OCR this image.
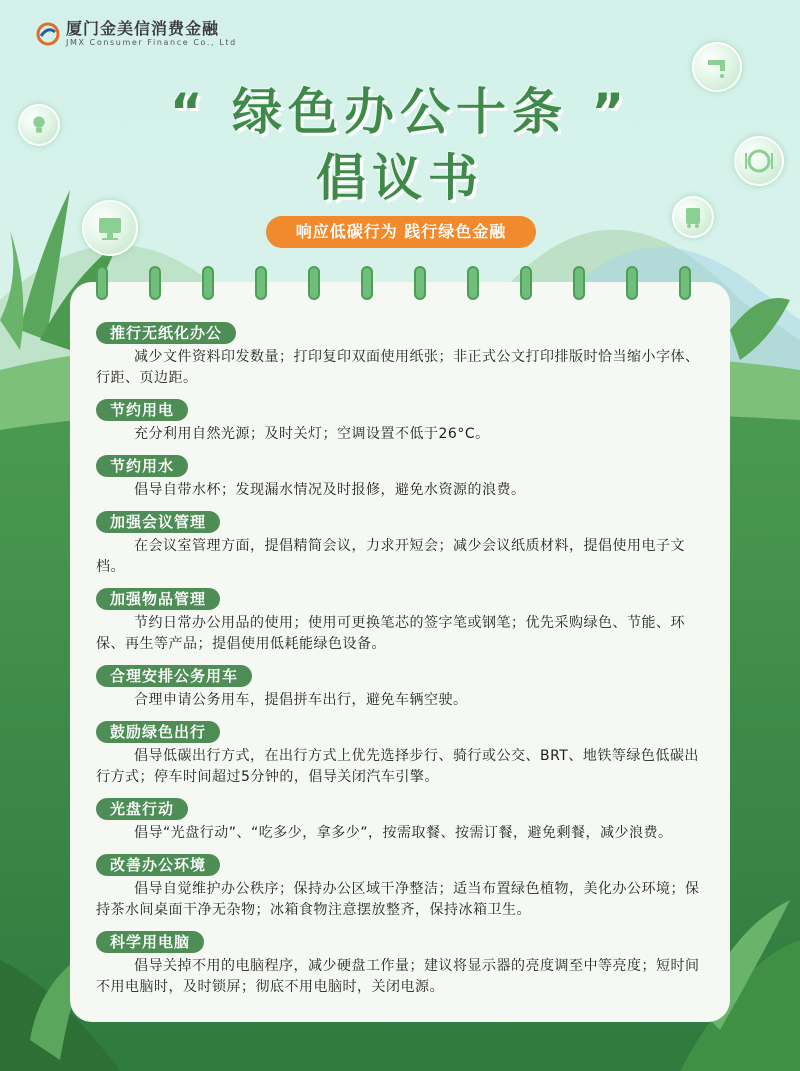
厦门金美信消费金融
JMX Consumer Finance Co., Ltd
“ 绿色办公十条 ”
倡议书
响应低碳行为 践行绿色金融
推行无纸化办公
减少文件资料印发数量；打印复印双面使用纸张；非正式公文打印排版时恰当缩小字体、行距、页边距。
节约用电
充分利用自然光源；及时关灯；空调设置不低于26°C。
节约用水
倡导自带水杯；发现漏水情况及时报修，避免水资源的浪费。
加强会议管理
在会议室管理方面，提倡精简会议，力求开短会；减少会议纸质材料，提倡使用电子文档。
加强物品管理
节约日常办公用品的使用；使用可更换笔芯的签字笔或钢笔；优先采购绿色、节能、环保、再生等产品；提倡使用低耗能绿色设备。
合理安排公务用车
合理申请公务用车，提倡拼车出行，避免车辆空驶。
鼓励绿色出行
倡导低碳出行方式，在出行方式上优先选择步行、骑行或公交、BRT、地铁等绿色低碳出行方式；停车时间超过5分钟的，倡导关闭汽车引擎。
光盘行动
倡导“光盘行动”、“吃多少，拿多少”，按需取餐、按需订餐，避免剩餐，减少浪费。
改善办公环境
倡导自觉维护办公秩序；保持办公区域干净整洁；适当布置绿色植物，美化办公环境；保持茶水间桌面干净无杂物；冰箱食物注意摆放整齐，保持冰箱卫生。
科学用电脑
倡导关掉不用的电脑程序，减少硬盘工作量；建议将显示器的亮度调至中等亮度；短时间不用电脑时，及时锁屏；彻底不用电脑时，关闭电源。
